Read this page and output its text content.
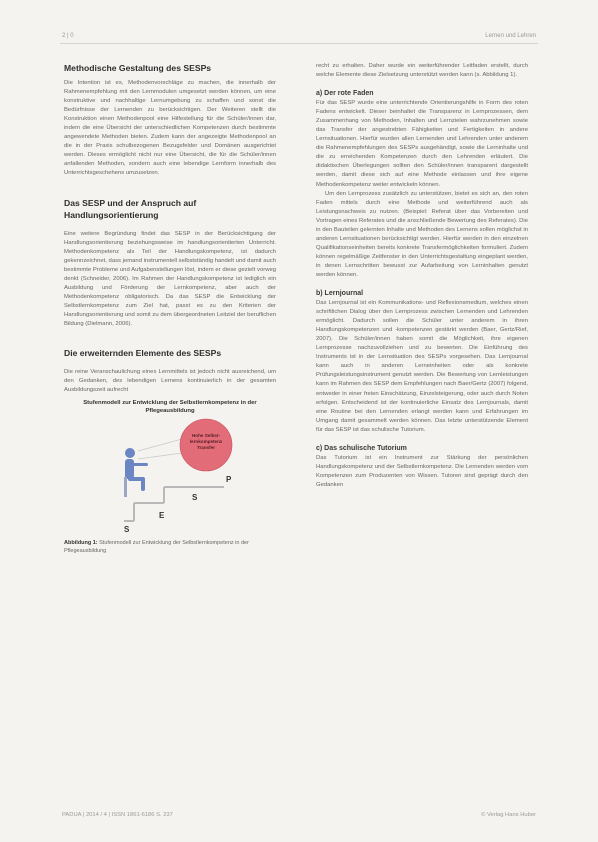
2 | 0	Lernen und Lehren
Methodische Gestaltung des SESPs

Die Intention ist es, Methodenvorschläge zu machen, die innerhalb der Rahmenempfehlung mit den Lernmodulen umgesetzt werden können, um eine konstruktive und nachhaltige Lernumgebung zu schaffen und sonst die Bedürfnisse der Lernenden zu berücksichtigen. Der Weiteren stellt die Konstruktion einen Methodenpool eine Hilfestellung für die Schüler/innen dar, indem die eine Übersicht der unterschiedlichen Kompetenzen durch bestimmte angewendete Methoden bieten. Zudem kann der angezeigte Methodenpool an die in der Praxis schulbezogenen Bezugsfelder und Domänen ausgerichtet werden. Dieses ermöglicht nicht nur eine Übersicht, die für die Schüler/innen anfallenden Methoden, sondern auch eine lebendige Lernform innerhalb des Unterrichtsgeschehens umzusetzen.

Das SESP und der Anspruch auf Handlungsorientierung

Eine weitere Begründung findet das SESP in der Berücksichtigung der Handlungsorientierung beziehungsweise im handlungsorientierten Unterricht. Methodenkompetenz als Teil der Handlungskompetenz, ist dadurch gekennzeichnet, dass jemand instrumentell selbstständig handelt und damit auch bestimmte Probleme und Aufgabenstellungen löst, indem er diese gezielt vorweg denkt (Schneider, 2006). Im Rahmen der Handlungskompetenz ist lediglich ein Ausbildung und Förderung der Lernkompetenz, aber auch der Methodenkompetenz obligatorisch. Da das SESP die Entwicklung der Selbstlernkompetenz zum Ziel hat, passt es zu den Kriterien der Handlungsorientierung und somit zu dem übergeordneten Leitziel der beruflichen Bildung (Dielmann, 2006).

Die erweiternden Elemente des SESPs

Die reine Veranschaulichung eines Lernmittels ist jedoch nicht ausreichend, um den Gedanken, des lebendigen Lernens kontinuierlich in der gesamten Ausbildungszeit aufrecht

Stufenmodell zur Entwicklung der Selbstlernkompetenz in der
Pflegeausbildung
Hohe Selbst-
lernkompetenz
Transfer
P
S
E
S
Abbildung 1: Stufenmodell zur Entwicklung der Selbstlernkompetenz in der Pflegeausbildung

recht zu erhalten. Daher wurde ein weiterführender Leitfaden erstellt, durch welche Elemente diese Zielsetzung unterstützt werden kann (s. Abbildung 1).

a) Der rote Faden

Für das SESP wurde eine unterrichtende Orientierungshilfe in Form des roten Fadens entwickelt. Dieser beinhaltet die Transparenz in Lernprozessen, dem Zusammenhang von Methoden, Inhalten und Lernzielen wahrzunehmen sowie das Transfer der angestrebten Fähigkeiten und Fertigkeiten in andere Lernsituationen. Hierfür wurden allen Lernenden und Lehrenden unter anderem die Rahmenempfehlungen des SESPs ausgehändigt, sowie die Lerninhalte und die zu erreichenden Kompetenzen durch den Lehrenden erläutert. Die didaktischen Überlegungen sollten den Schüler/innen transparent dargestellt werden, damit diese sich auf eine Methode einlassen und ihre eigene Methodenkompetenz weiter entwickeln können.

Um den Lernprozess zusätzlich zu unterstützen, bietet es sich an, den roten Faden mittels durch eine Methode und weiterführend auch als Leistungsnachweis zu nutzen. (Beispiel: Referat über das Vorbereiten und Vortragen eines Referates und die anschließende Bewertung des Referates). Die in den Bauteilen gelernten Inhalte und Methoden des Lernens sollen möglichst in anderen Lernsituationen berücksichtigt werden. Hierfür werden in den einzelnen Qualifikationseinheiten bereits konkrete Transfermöglichkeiten formuliert. Zudem können regelmäßige Zeitfenster in den Unterrichtsgestaltung eingeplant werden, in denen Lernschritten bewusst zur Aufarbeitung von Lerninhalten genutzt werden können.

b) Lernjournal

Das Lernjournal ist ein Kommunikations- und Reflexionsmedium, welches einen schriftlichen Dialog über den Lernprozess zwischen Lernenden und Lehrenden ermöglicht. Dadurch sollen die Schüler unter anderem in ihren Handlungskompetenzen und -kompetenzen gestärkt werden (Baer, Gertz/Rief, 2007). Die Schüler/innen haben somit die Möglichkeit, ihre eigenen Lernprozesse nachzuvollziehen und zu bewerten. Die Einführung des Instruments ist in der Lernsituation des SESPs vorgesehen. Das Lernjournal kann auch in anderen Lerneinheiten oder als konkrete Prüfungsleistungsinstrument genutzt werden. Die Bewertung von Lernleistungen kann im Rahmen des SESP dem Empfehlungen nach Baer/Gertz (2007) folgend, entweder in einer freien Einschätzung, Einzelsteigerung, oder auch durch Noten erfolgen. Entscheidend ist der kontinuierliche Einsatz des Lernjournals, damit eine Routine bei den Lernenden erlangt werden kann und Erfahrungen im Umgang damit gesammelt werden können. Das letzte unterstützende Element für das SESP ist das schulische Tutorium.

c) Das schulische Tutorium

Das Tutorium ist ein Instrument zur Stärkung der persönlichen Handlungskompetenz und der Selbstlernkompetenz. Die Lernenden werden vom Kompetenzen zum Produzenten von Wissen. Tutoren sind geprägt durch den Gedanken

PADUA | 2014 / 4 | ISSN 1861-6186 S. 237	© Verlag Hans Huber
